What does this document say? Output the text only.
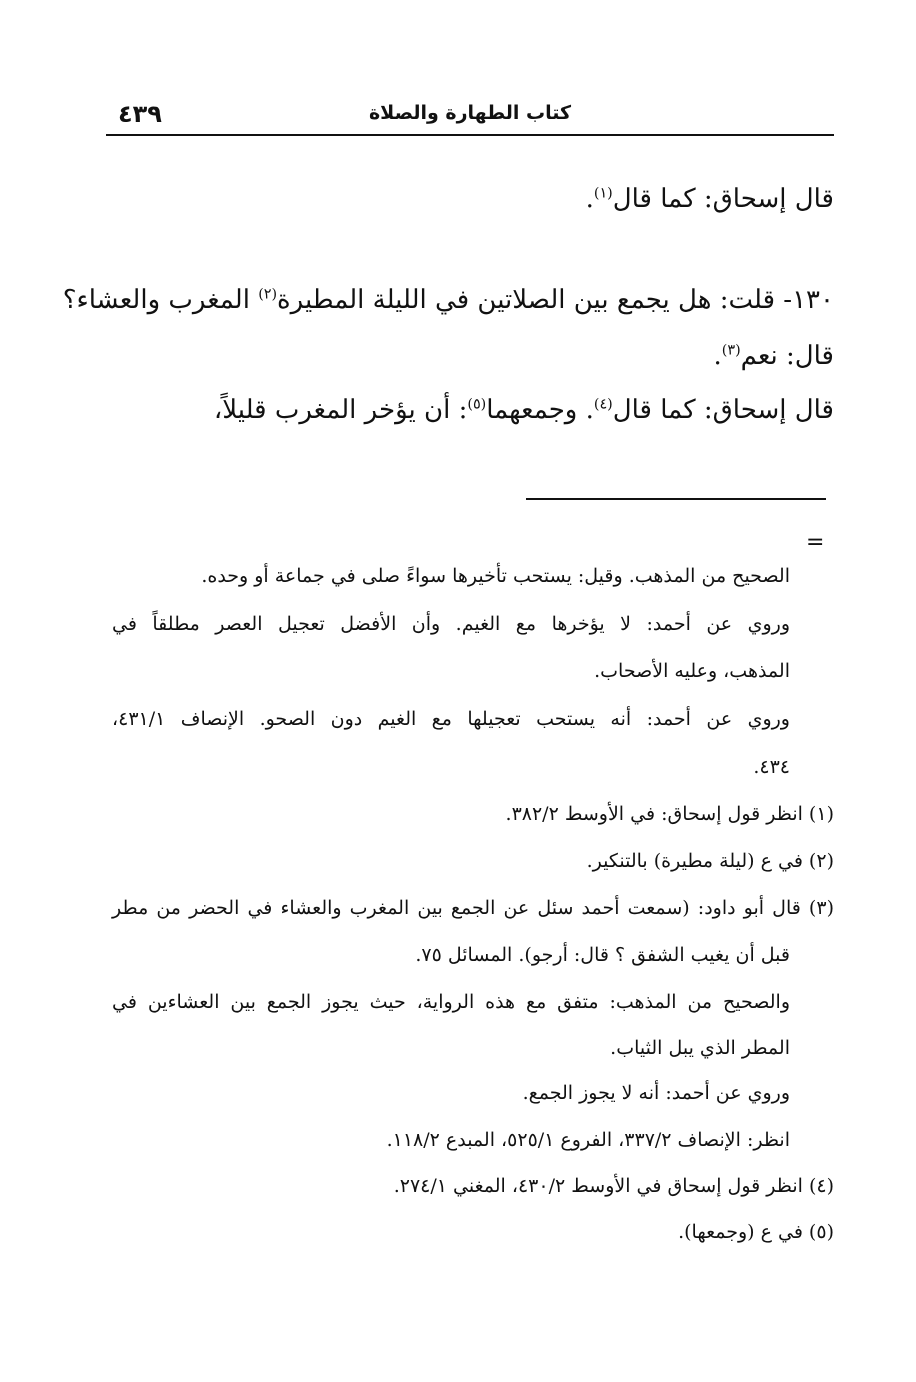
٤٣٩	كتاب الطهارة والصلاة
قال إسحاق: كما قال$^{(١)}$.
١٣٠- قلت: هل يجمع بين الصلاتين في الليلة المطيرة$^{(٢)}$ المغرب والعشاء؟
قال: نعم$^{(٣)}$.
قال إسحاق: كما قال$^{(٤)}$. وجمعهما$^{(٥)}$: أن يؤخر المغرب قليلاً،
=
الصحيح من المذهب. وقيل: يستحب تأخيرها سواءً صلى في جماعة أو وحده.
وروي عن أحمد: لا يؤخرها مع الغيم. وأن الأفضل تعجيل العصر مطلقاً في
المذهب، وعليه الأصحاب.
وروي عن أحمد: أنه يستحب تعجيلها مع الغيم دون الصحو. الإنصاف ٤٣١/١،
٤٣٤.
(١) انظر قول إسحاق: في الأوسط ٣٨٢/٢.
(٢) في ع (ليلة مطيرة) بالتنكير.
(٣) قال أبو داود: (سمعت أحمد سئل عن الجمع بين المغرب والعشاء في الحضر من مطر
قبل أن يغيب الشفق ؟ قال: أرجو). المسائل ٧٥.
والصحيح من المذهب: متفق مع هذه الرواية، حيث يجوز الجمع بين العشاءين في
المطر الذي يبل الثياب.
وروي عن أحمد: أنه لا يجوز الجمع.
انظر: الإنصاف ٣٣٧/٢، الفروع ٥٢٥/١، المبدع ١١٨/٢.
(٤) انظر قول إسحاق في الأوسط ٤٣٠/٢، المغني ٢٧٤/١.
(٥) في ع (وجمعها).
